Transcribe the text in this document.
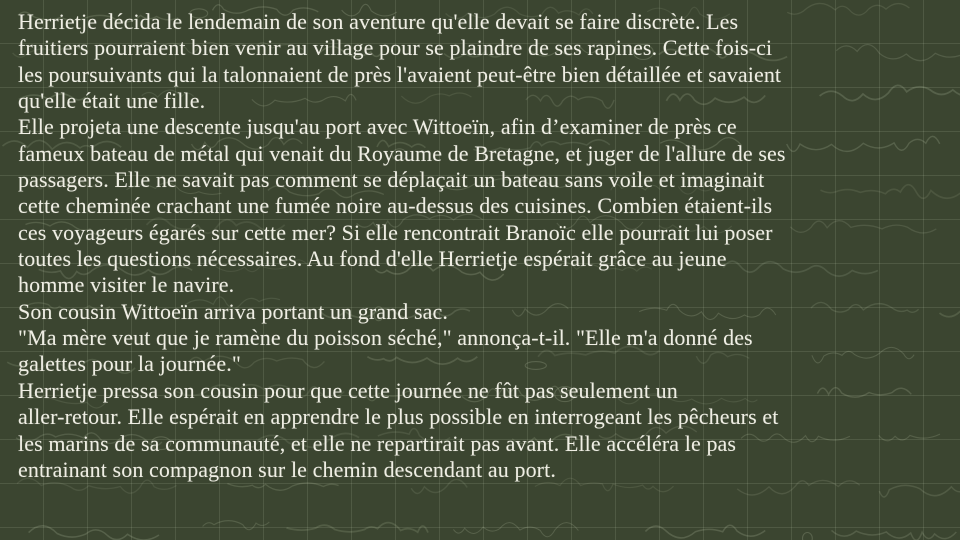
Herrietje décida le lendemain de son aventure qu'elle devait se faire discrète. Les
fruitiers pourraient bien venir au village pour se plaindre de ses rapines. Cette fois-ci
les poursuivants qui la talonnaient de près l'avaient peut-être bien détaillée et savaient
qu'elle était une fille.
Elle projeta une descente jusqu'au port avec Wittoeïn, afin d’examiner de près ce
fameux bateau de métal qui venait du Royaume de Bretagne, et juger de l'allure de ses
passagers. Elle ne savait pas comment se déplaçait un bateau sans voile et imaginait
cette cheminée crachant une fumée noire au-dessus des cuisines. Combien étaient-ils
ces voyageurs égarés sur cette mer? Si elle rencontrait Branoïc elle pourrait lui poser
toutes les questions nécessaires. Au fond d'elle Herrietje espérait grâce au jeune
homme visiter le navire.
Son cousin Wittoeïn arriva portant un grand sac.
"Ma mère veut que je ramène du poisson séché," annonça-t-il. "Elle m'a donné des
galettes pour la journée."
Herrietje pressa son cousin pour que cette journée ne fût pas seulement un
aller-retour. Elle espérait en apprendre le plus possible en interrogeant les pêcheurs et
les marins de sa communauté, et elle ne repartirait pas avant. Elle accéléra le pas
entrainant son compagnon sur le chemin descendant au port.
